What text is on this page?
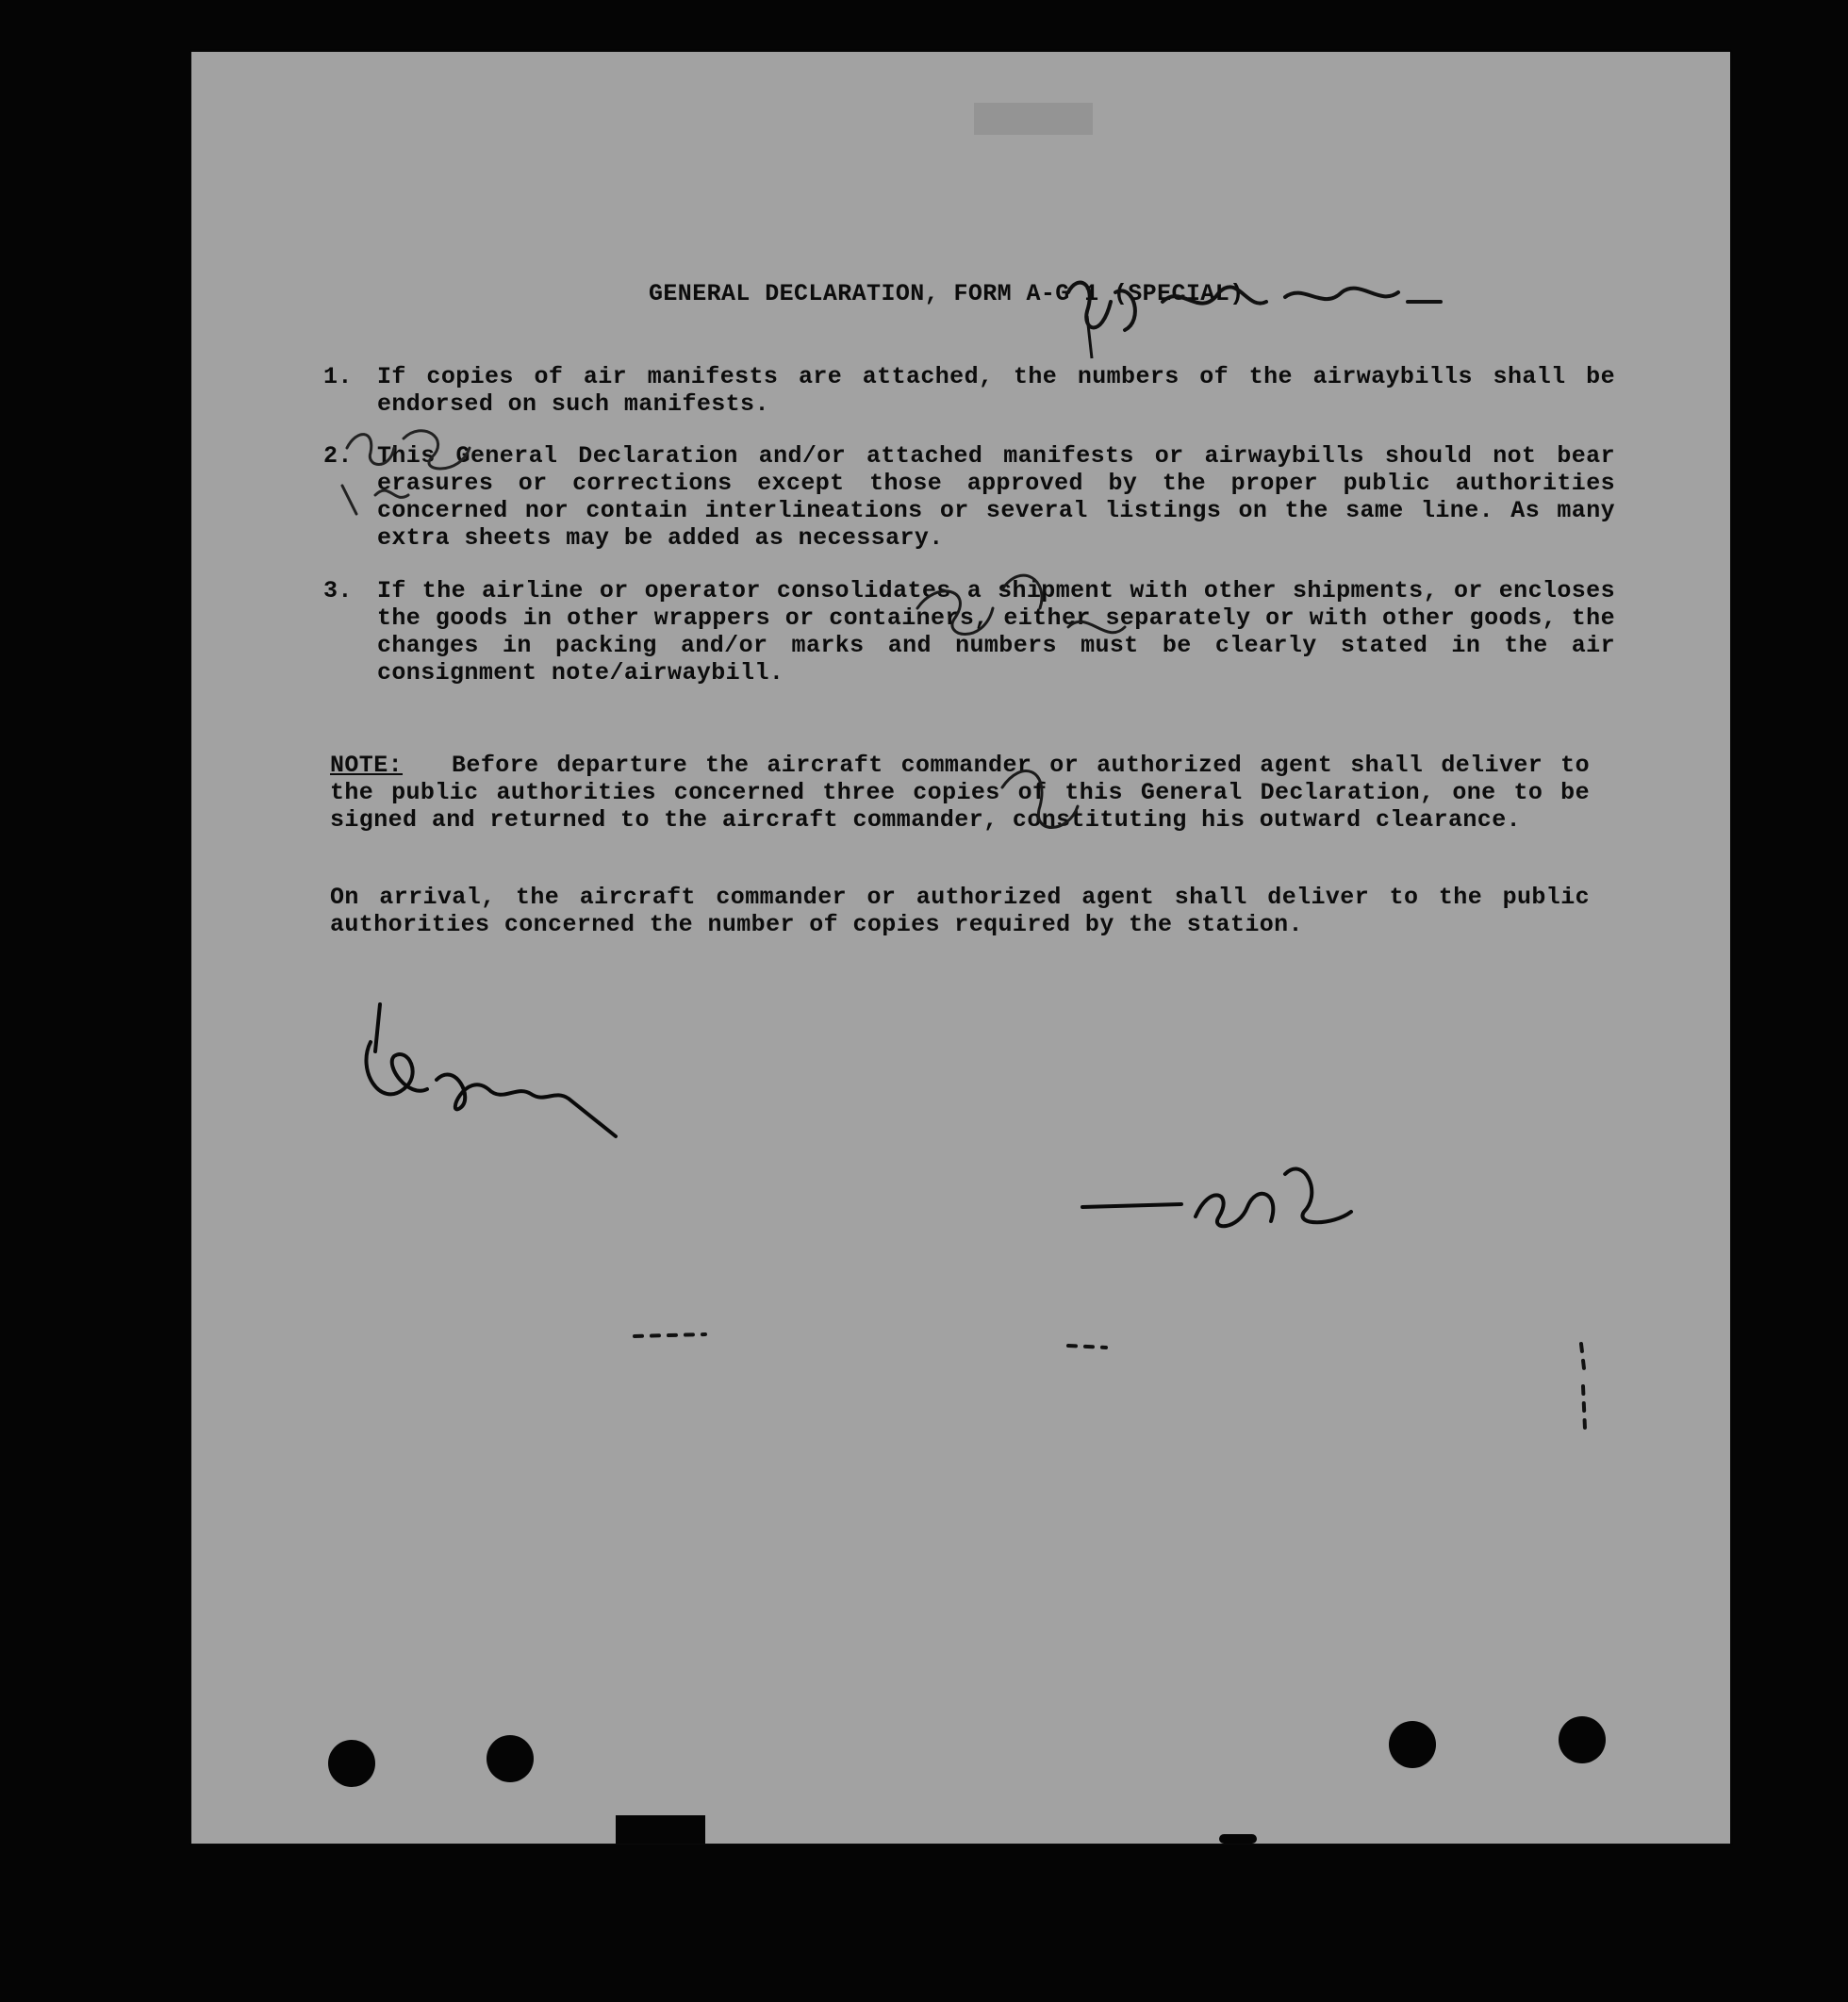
███████
GENERAL DECLARATION, FORM A-G 1 (SPECIAL)
1.	If copies of air manifests are attached, the numbers of the airwaybills shall be endorsed on such manifests.
2.	This General Declaration and/or attached manifests or airwaybills should not bear erasures or corrections except those approved by the proper public authorities concerned nor contain interlineations or several listings on the same line. As many extra sheets may be added as necessary.
3.	If the airline or operator consolidates a shipment with other shipments, or encloses the goods in other wrappers or containers, either separately or with other goods, the changes in packing and/or marks and numbers must be clearly stated in the air consignment note/airwaybill.
NOTE: Before departure the aircraft commander or authorized agent shall deliver to the public authorities concerned three copies of this General Declaration, one to be signed and returned to the aircraft commander, constituting his outward clearance.
On arrival, the aircraft commander or authorized agent shall deliver to the public authorities concerned the number of copies required by the station.
